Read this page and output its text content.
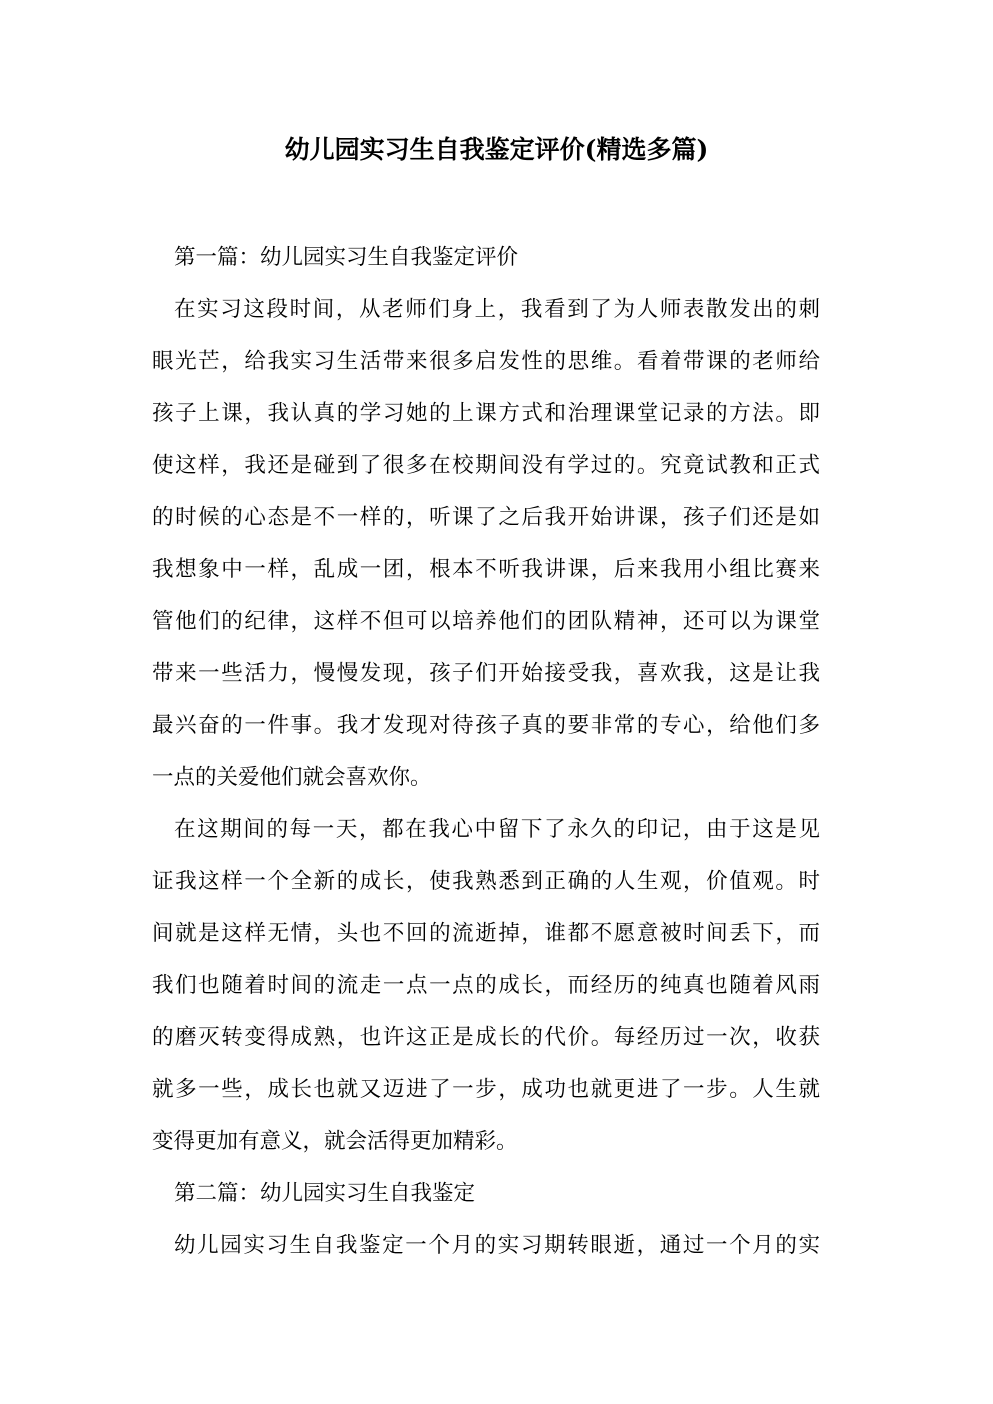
幼儿园实习生自我鉴定评价(精选多篇)
第一篇：幼儿园实习生自我鉴定评价
在实习这段时间，从老师们身上，我看到了为人师表散发出的刺
眼光芒，给我实习生活带来很多启发性的思维。看着带课的老师给
孩子上课，我认真的学习她的上课方式和治理课堂记录的方法。即
使这样，我还是碰到了很多在校期间没有学过的。究竟试教和正式
的时候的心态是不一样的，听课了之后我开始讲课，孩子们还是如
我想象中一样，乱成一团，根本不听我讲课，后来我用小组比赛来
管他们的纪律，这样不但可以培养他们的团队精神，还可以为课堂
带来一些活力，慢慢发现，孩子们开始接受我，喜欢我，这是让我
最兴奋的一件事。我才发现对待孩子真的要非常的专心，给他们多
一点的关爱他们就会喜欢你。
在这期间的每一天，都在我心中留下了永久的印记，由于这是见
证我这样一个全新的成长，使我熟悉到正确的人生观，价值观。时
间就是这样无情，头也不回的流逝掉，谁都不愿意被时间丢下，而
我们也随着时间的流走一点一点的成长，而经历的纯真也随着风雨
的磨灭转变得成熟，也许这正是成长的代价。每经历过一次，收获
就多一些，成长也就又迈进了一步，成功也就更进了一步。人生就
变得更加有意义，就会活得更加精彩。
第二篇：幼儿园实习生自我鉴定
幼儿园实习生自我鉴定一个月的实习期转眼逝，通过一个月的实
